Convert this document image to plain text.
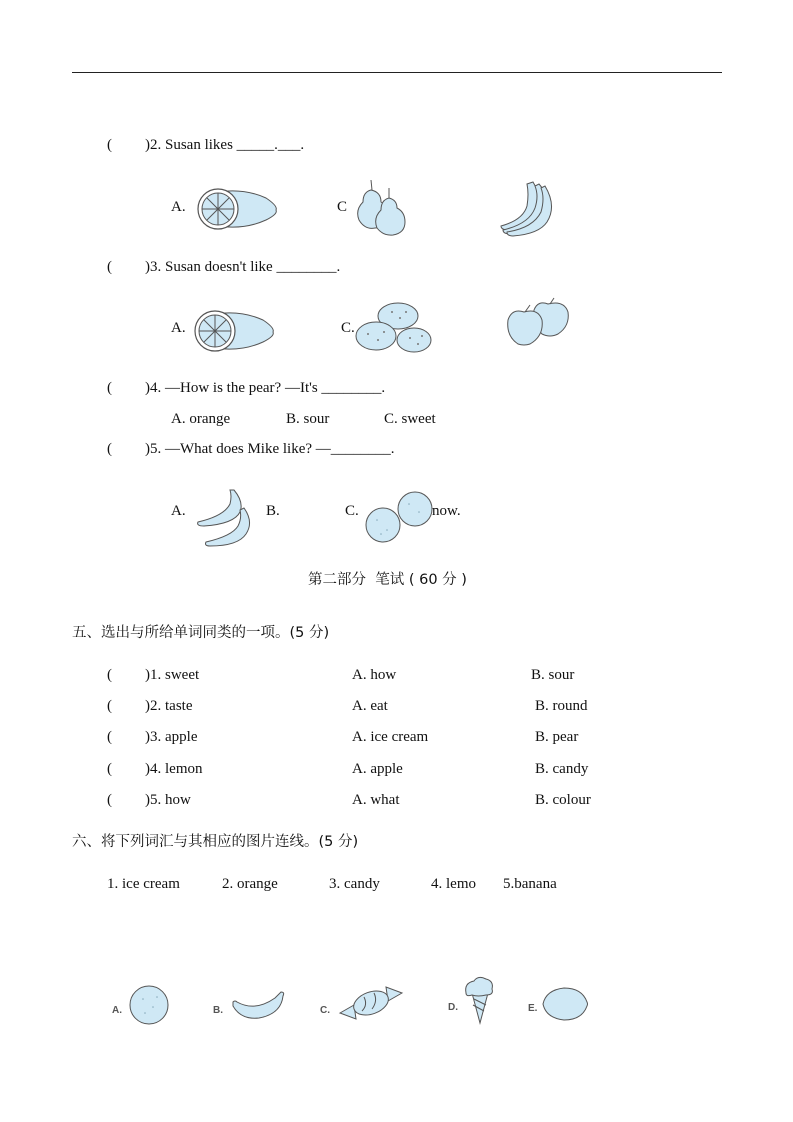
( )2. Susan likes _____.___.
A.	C
( )3. Susan doesn't like ________.
A.	C.
( )4. —How is the pear? —It's ________.
A. orange	B. sour	C. sweet
( )5. —What does Mike like? —________.
A.	B.	C.	now.
第二部分  笔试 ( 60 分 )
五、选出与所给单词同类的一项。(5 分)
( )1. sweet	A. how	B. sour
( )2. taste	A. eat	B. round
( )3. apple	A. ice cream	B. pear
( )4. lemon	A. apple	B. candy
( )5. how	A. what	B. colour
六、将下列词汇与其相应的图片连线。(5 分)
1. ice cream	2. orange	3. candy	4. lemo 5.banana
A.	B.	C.	D.	E.
